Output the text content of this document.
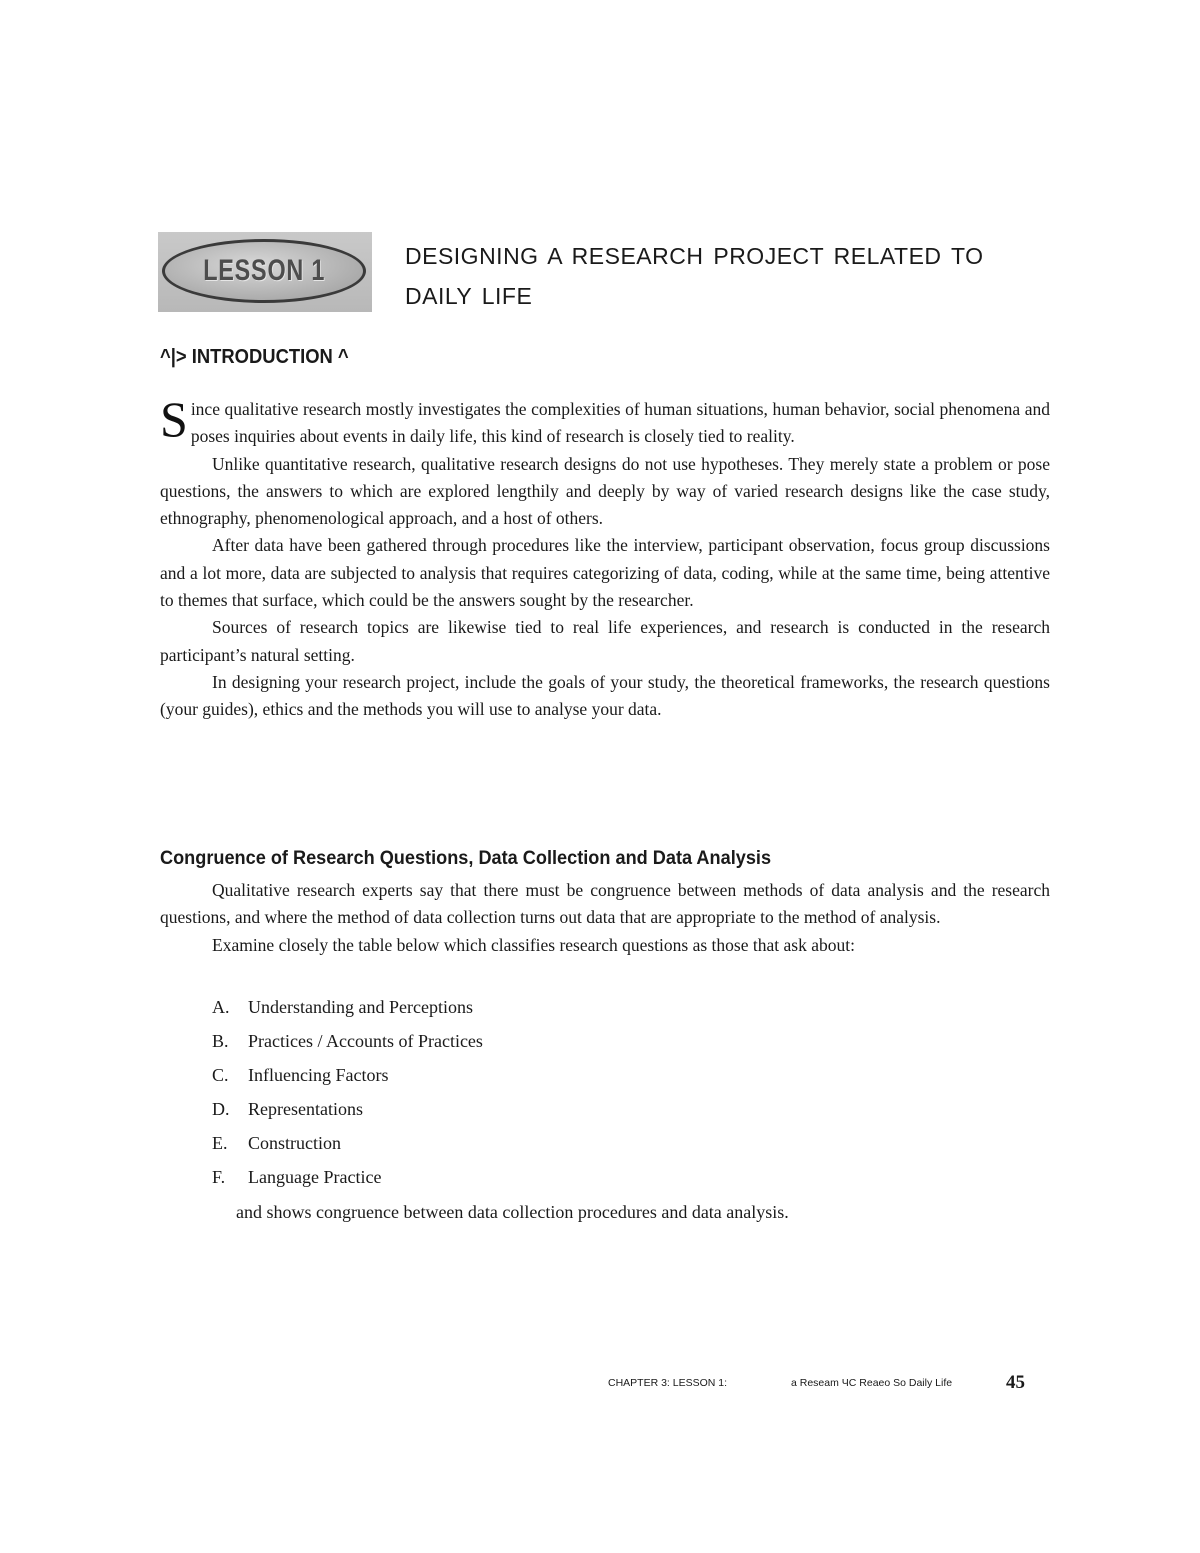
LESSON 1	DESIGNING A RESEARCH PROJECT RELATED TO
DAILY LIFE
^|> INTRODUCTION ^

Since qualitative research mostly investigates the complexities of human situations, human behavior, social phenomena and poses inquiries about events in daily life, this kind of research is closely tied to reality.

Unlike quantitative research, qualitative research designs do not use hypotheses. They merely state a problem or pose questions, the answers to which are explored lengthily and deeply by way of varied research designs like the case study, ethnography, phenomenological approach, and a host of others.

After data have been gathered through procedures like the interview, participant observation, focus group discussions and a lot more, data are subjected to analysis that requires categorizing of data, coding, while at the same time, being attentive to themes that surface, which could be the answers sought by the researcher.

Sources of research topics are likewise tied to real life experiences, and research is conducted in the research participant’s natural setting.

In designing your research project, include the goals of your study, the theoretical frameworks, the research questions (your guides), ethics and the methods you will use to analyse your data.

Congruence of Research Questions, Data Collection and Data Analysis

Qualitative research experts say that there must be congruence between methods of data analysis and the research questions, and where the method of data collection turns out data that are appropriate to the method of analysis.

Examine closely the table below which classifies research questions as those that ask about:

A. Understanding and Perceptions
B. Practices / Accounts of Practices
C. Influencing Factors
D. Representations
E. Construction
F. Language Practice
and shows congruence between data collection procedures and data analysis.
CHAPTER 3: LESSON 1:	a Reseam ЧС Reaeo So Daily Life	45
